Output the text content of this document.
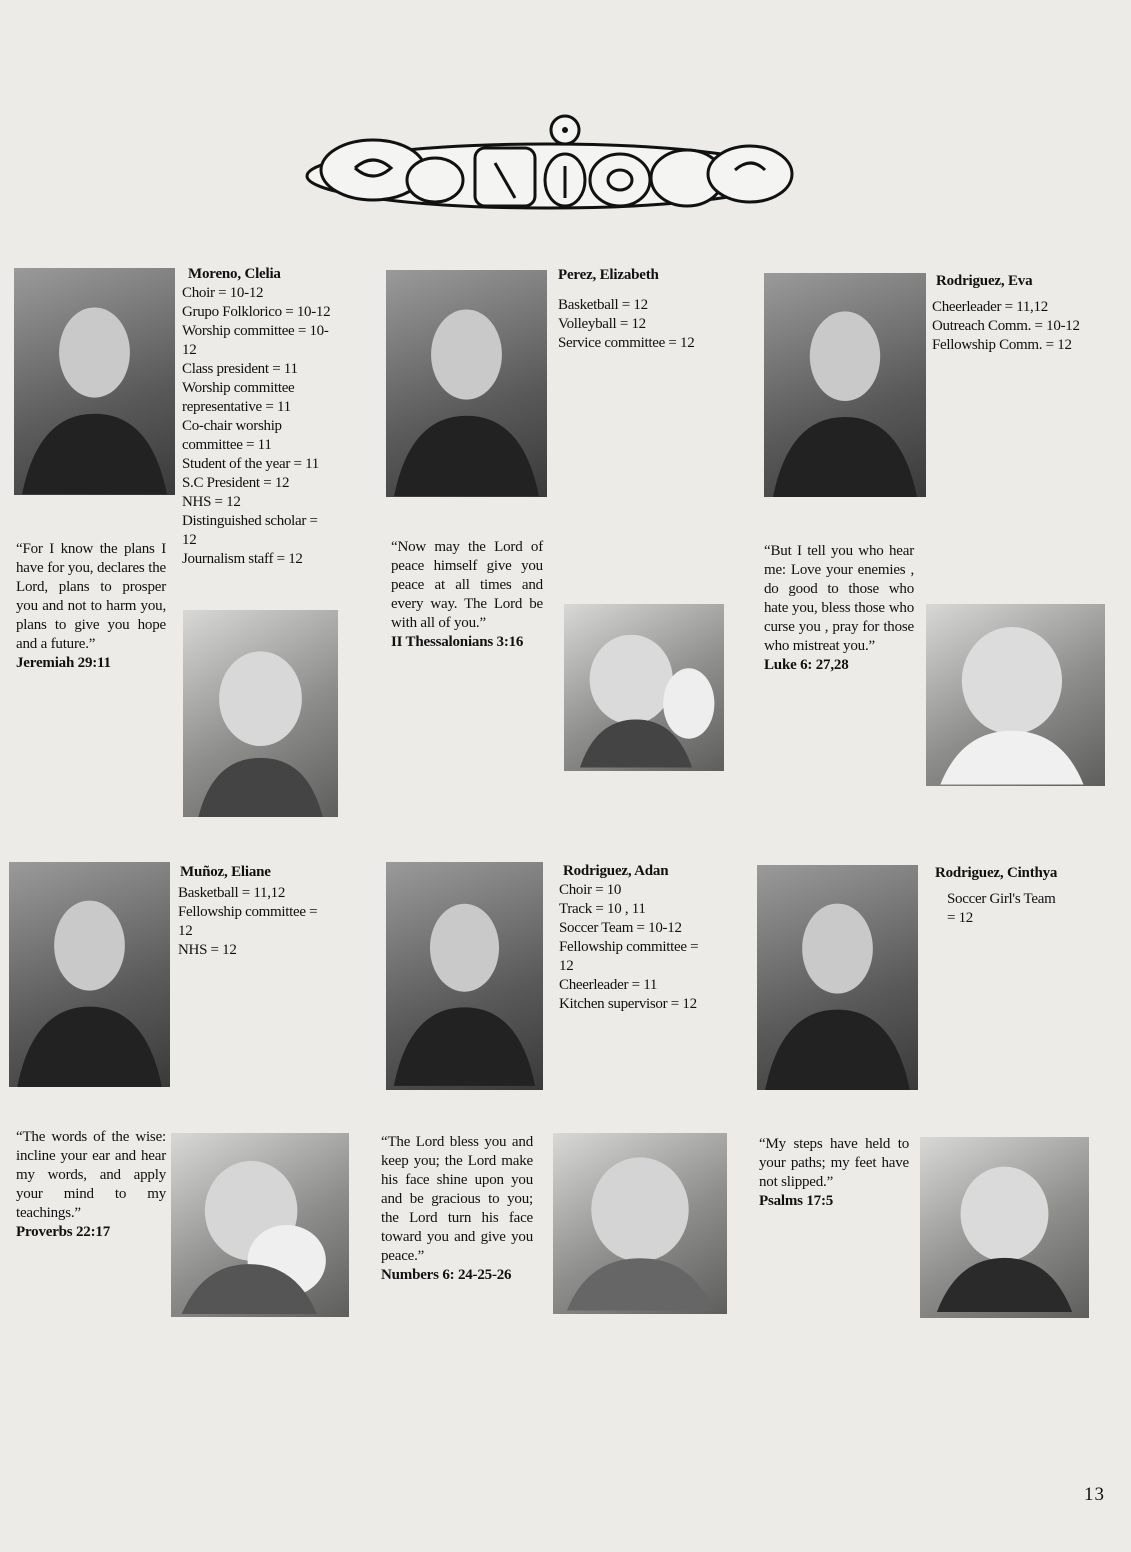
Moreno, Clelia
Choir = 10-12
Grupo Folklorico = 10-12
Worship committee = 10-12
Class president = 11
Worship committee representative = 11
Co-chair worship committee = 11
Student of the year = 11
S.C President = 12
NHS = 12
Distinguished scholar = 12
Journalism staff = 12
“For I know the plans I have for you, declares the Lord, plans to prosper you and not to harm you, plans to give you hope and a future.”
Jeremiah 29:11
Perez, Elizabeth
Basketball = 12
Volleyball = 12
Service committee = 12
“Now may the Lord of peace himself give you peace at all times and every way. The Lord be with all of you.”
II Thessalonians 3:16
Rodriguez, Eva
Cheerleader = 11,12
Outreach Comm. = 10-12
Fellowship Comm. = 12
“But I tell you who hear me: Love your enemies , do good to those who hate you, bless those who curse you , pray for those who mistreat you.”
Luke 6: 27,28
Muñoz, Eliane
Basketball = 11,12
Fellowship committee = 12
NHS = 12
“The words of the wise: incline your ear and hear my words, and apply your mind to my teachings.”
Proverbs 22:17
Rodriguez, Adan
Choir = 10
Track = 10 , 11
Soccer Team = 10-12
Fellowship committee = 12
Cheerleader = 11
Kitchen supervisor = 12
“The Lord bless you and keep you; the Lord make his face shine upon you and be gracious to you; the Lord turn his face toward you and give you peace.”
Numbers 6: 24-25-26
Rodriguez, Cinthya
Soccer Girl's Team = 12
“My steps have held to your paths; my feet have not slipped.”
Psalms 17:5
13
